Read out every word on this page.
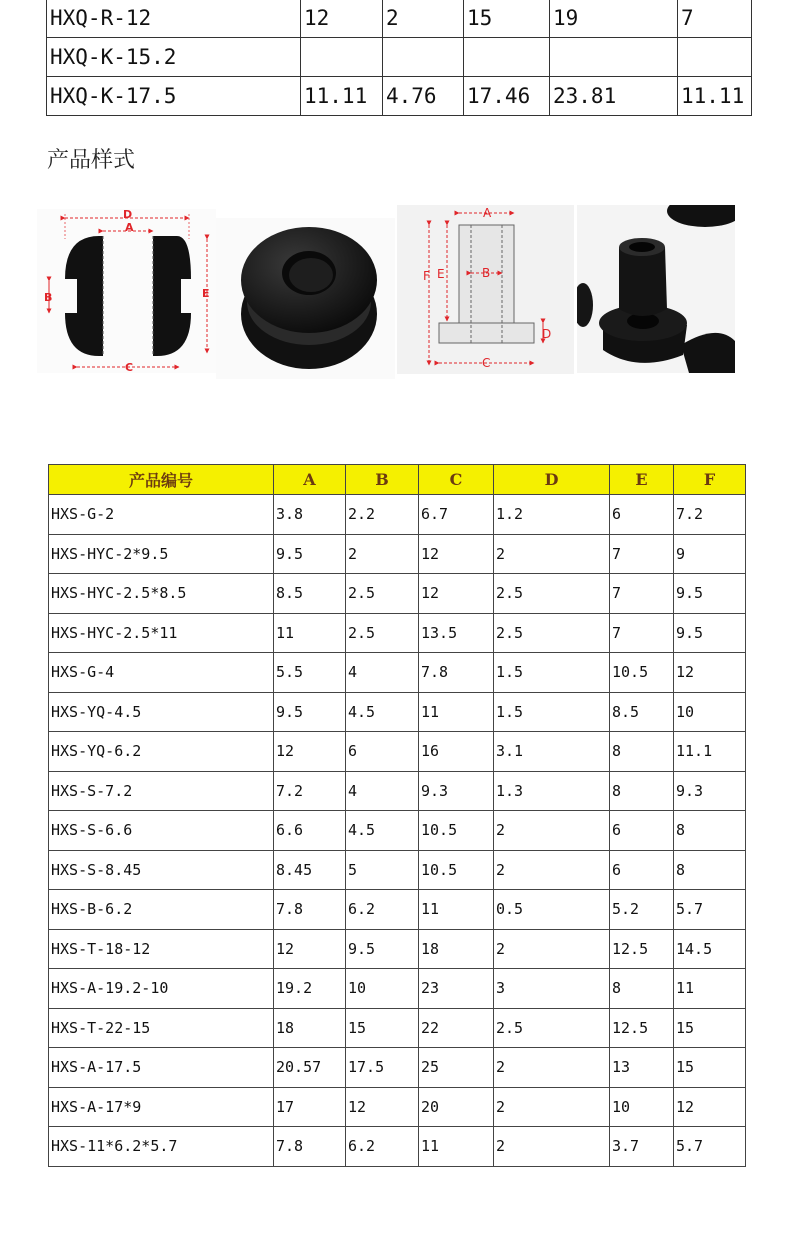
HXQ-R-12	12	2	15	19	7
HXQ-K-15.2					
HXQ-K-17.5	11.11	4.76	17.46	23.81	11.11
产品样式
D
A
B	E
C
A
F E	B
D
C
产品编号	A	B	C	D	E	F
HXS-G-2	3.8	2.2	6.7	1.2	6	7.2
HXS-HYC-2*9.5	9.5	2	12	2	7	9
HXS-HYC-2.5*8.5	8.5	2.5	12	2.5	7	9.5
HXS-HYC-2.5*11	11	2.5	13.5	2.5	7	9.5
HXS-G-4	5.5	4	7.8	1.5	10.5	12
HXS-YQ-4.5	9.5	4.5	11	1.5	8.5	10
HXS-YQ-6.2	12	6	16	3.1	8	11.1
HXS-S-7.2	7.2	4	9.3	1.3	8	9.3
HXS-S-6.6	6.6	4.5	10.5	2	6	8
HXS-S-8.45	8.45	5	10.5	2	6	8
HXS-B-6.2	7.8	6.2	11	0.5	5.2	5.7
HXS-T-18-12	12	9.5	18	2	12.5	14.5
HXS-A-19.2-10	19.2	10	23	3	8	11
HXS-T-22-15	18	15	22	2.5	12.5	15
HXS-A-17.5	20.57	17.5	25	2	13	15
HXS-A-17*9	17	12	20	2	10	12
HXS-11*6.2*5.7	7.8	6.2	11	2	3.7	5.7
